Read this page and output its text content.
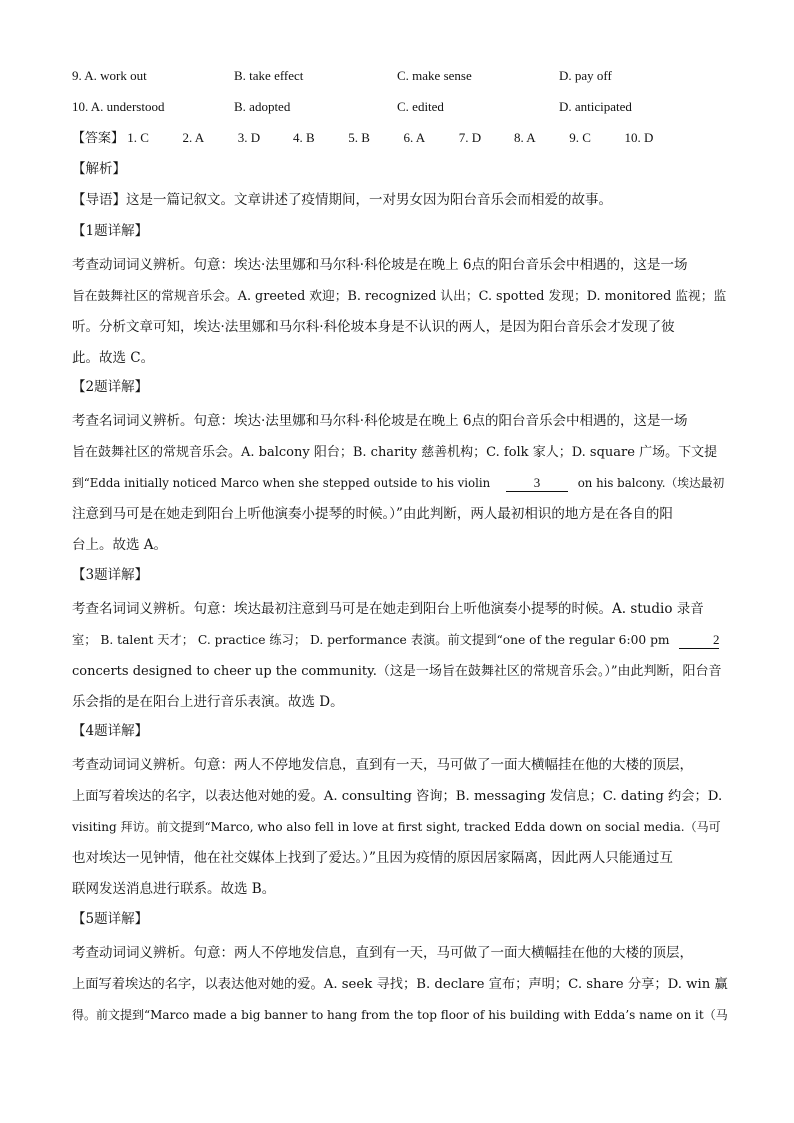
9. A. work out	B. take effect	C. make sense	D. pay off
10. A. understood	B. adopted	C. edited	D. anticipated
【答案】 1. C	2. A	3. D	4. B	5. B	6. A	7. D	8. A	9. C	10. D
【解析】
【导语】这是一篇记叙文。文章讲述了疫情期间，一对男女因为阳台音乐会而相爱的故事。
【1题详解】
考查动词词义辨析。句意：埃达·法里娜和马尔科·科伦坡是在晚上 6点的阳台音乐会中相遇的，这是一场
旨在鼓舞社区的常规音乐会。A. greeted 欢迎；B. recognized 认出；C. spotted 发现；D. monitored 监视；监
听。分析文章可知，埃达·法里娜和马尔科·科伦坡本身是不认识的两人，是因为阳台音乐会才发现了彼
此。故选 C。
【2题详解】
考查名词词义辨析。句意：埃达·法里娜和马尔科·科伦坡是在晚上 6点的阳台音乐会中相遇的，这是一场
旨在鼓舞社区的常规音乐会。A. balcony 阳台；B. charity 慈善机构；C. folk 家人；D. square 广场。下文提
到“Edda initially noticed Marco when she stepped outside to his violin	3	on his balcony.（埃达最初
注意到马可是在她走到阳台上听他演奏小提琴的时候。）”由此判断，两人最初相识的地方是在各自的阳
台上。故选 A。
【3题详解】
考查名词词义辨析。句意：埃达最初注意到马可是在她走到阳台上听他演奏小提琴的时候。A. studio 录音
室； B. talent 天才； C. practice 练习； D. performance 表演。前文提到“one of the regular 6:00 pm	2
concerts designed to cheer up the community.（这是一场旨在鼓舞社区的常规音乐会。）”由此判断，阳台音
乐会指的是在阳台上进行音乐表演。故选 D。
【4题详解】
考查动词词义辨析。句意：两人不停地发信息，直到有一天，马可做了一面大横幅挂在他的大楼的顶层，
上面写着埃达的名字，以表达他对她的爱。A. consulting 咨询；B. messaging 发信息；C. dating 约会；D.
visiting 拜访。前文提到“Marco, who also fell in love at first sight, tracked Edda down on social media.（马可
也对埃达一见钟情，他在社交媒体上找到了爱达。）”且因为疫情的原因居家隔离，因此两人只能通过互
联网发送消息进行联系。故选 B。
【5题详解】
考查动词词义辨析。句意：两人不停地发信息，直到有一天，马可做了一面大横幅挂在他的大楼的顶层，
上面写着埃达的名字，以表达他对她的爱。A. seek 寻找；B. declare 宣布；声明；C. share 分享；D. win 赢
得。前文提到“Marco made a big banner to hang from the top floor of his building with Edda’s name on it（马
